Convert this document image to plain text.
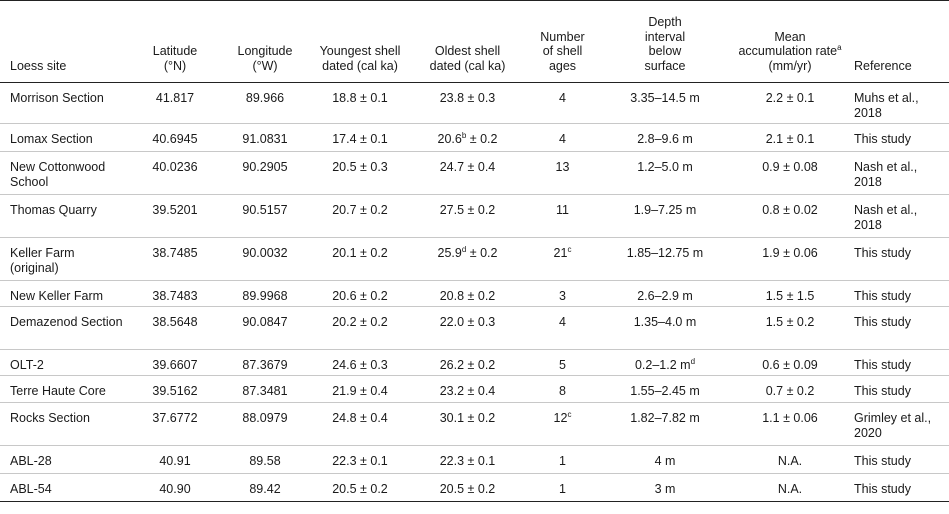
Loess site	Latitude (°N)	Longitude (°W)	Youngest shell dated (cal ka)	Oldest shell dated (cal ka)	Number of shell ages	Depth interval below surface	Mean accumulation rate$^a$ (mm/yr)	Reference
Morrison Section	41.817	89.966	18.8 ± 0.1	23.8 ± 0.3	4	3.35–14.5 m	2.2 ± 0.1	Muhs et al., 2018
Lomax Section	40.6945	91.0831	17.4 ± 0.1	20.6$^b$ ± 0.2	4	2.8–9.6 m	2.1 ± 0.1	This study
New Cottonwood School	40.0236	90.2905	20.5 ± 0.3	24.7 ± 0.4	13	1.2–5.0 m	0.9 ± 0.08	Nash et al., 2018
Thomas Quarry	39.5201	90.5157	20.7 ± 0.2	27.5 ± 0.2	11	1.9–7.25 m	0.8 ± 0.02	Nash et al., 2018
Keller Farm (original)	38.7485	90.0032	20.1 ± 0.2	25.9$^d$ ± 0.2	21$^c$	1.85–12.75 m	1.9 ± 0.06	This study
New Keller Farm	38.7483	89.9968	20.6 ± 0.2	20.8 ± 0.2	3	2.6–2.9 m	1.5 ± 1.5	This study
Demazenod Section	38.5648	90.0847	20.2 ± 0.2	22.0 ± 0.3	4	1.35–4.0 m	1.5 ± 0.2	This study
OLT-2	39.6607	87.3679	24.6 ± 0.3	26.2 ± 0.2	5	0.2–1.2 $m^d$	0.6 ± 0.09	This study
Terre Haute Core	39.5162	87.3481	21.9 ± 0.4	23.2 ± 0.4	8	1.55–2.45 m	0.7 ± 0.2	This study
Rocks Section	37.6772	88.0979	24.8 ± 0.4	30.1 ± 0.2	12$^c$	1.82–7.82 m	1.1 ± 0.06	Grimley et al., 2020
ABL-28	40.91	89.58	22.3 ± 0.1	22.3 ± 0.1	1	4 m	N.A.	This study
ABL-54	40.90	89.42	20.5 ± 0.2	20.5 ± 0.2	1	3 m	N.A.	This study
